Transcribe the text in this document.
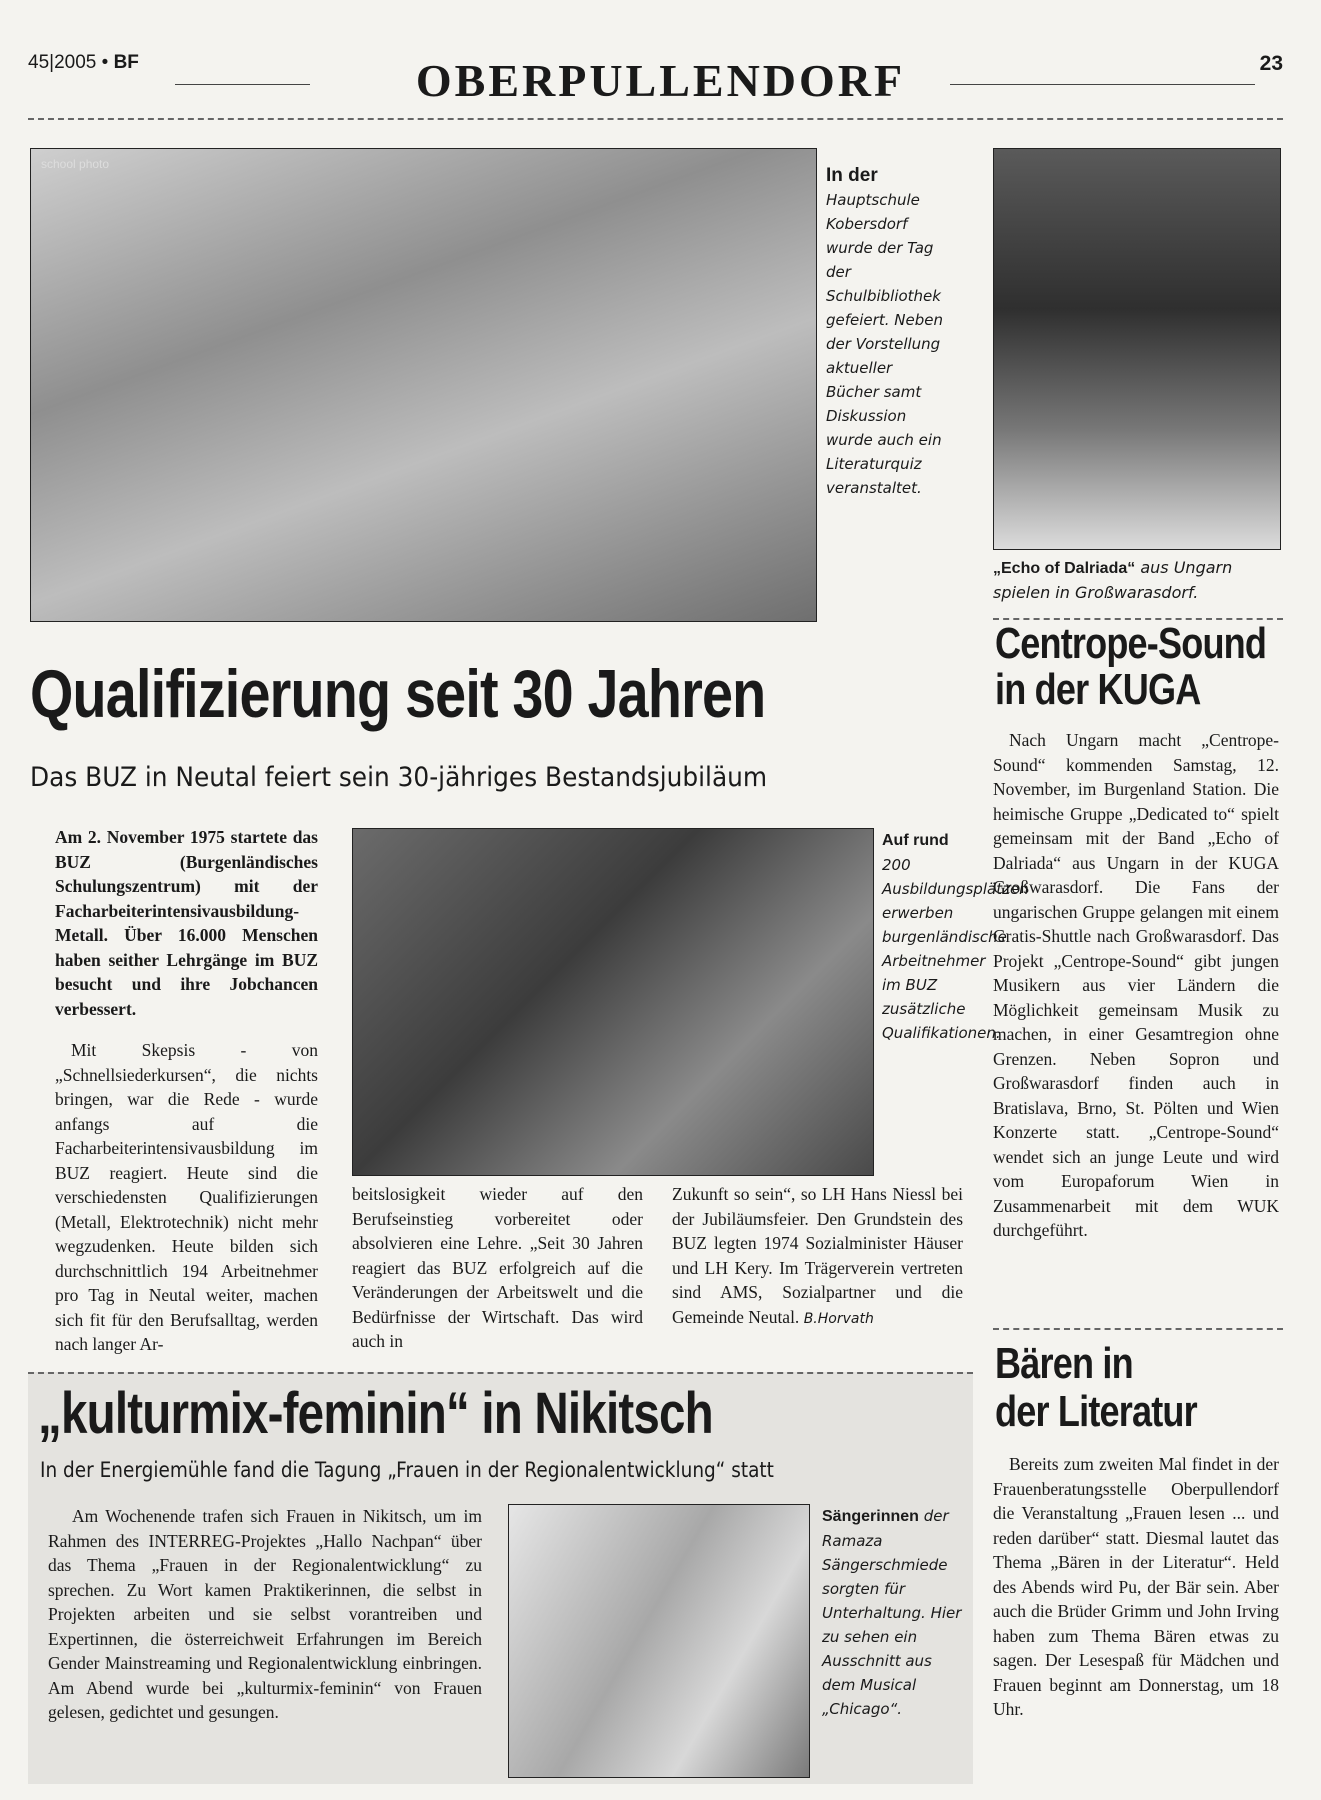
45|2005 • BF	OBERPULLENDORF	23
school photo
In der Hauptschule Kobersdorf wurde der Tag der Schulbibliothek gefeiert. Neben der Vorstellung aktueller Bücher samt Diskussion wurde auch ein Literaturquiz veranstaltet.
„Echo of Dalriada“ aus Ungarn spielen in Großwarasdorf.
Qualifizierung seit 30 Jahren
Das BUZ in Neutal feiert sein 30-jähriges Bestandsjubiläum
Am 2. November 1975 startete das BUZ (Burgenländisches Schulungszentrum) mit der Facharbeiterintensivausbildung-Metall. Über 16.000 Menschen haben seither Lehrgänge im BUZ besucht und ihre Jobchancen verbessert.
Mit Skepsis - von „Schnellsiederkursen“, die nichts bringen, war die Rede - wurde anfangs auf die Facharbeiterintensivausbildung im BUZ reagiert. Heute sind die verschiedensten Qualifizierungen (Metall, Elektrotechnik) nicht mehr wegzudenken. Heute bilden sich durchschnittlich 194 Arbeitnehmer pro Tag in Neutal weiter, machen sich fit für den Berufsalltag, werden nach langer Ar-
Auf rund 200 Ausbildungsplätzen erwerben burgenländische Arbeitnehmer im BUZ zusätzliche Qualifikationen.
beitslosigkeit wieder auf den Berufseinstieg vorbereitet oder absolvieren eine Lehre. „Seit 30 Jahren reagiert das BUZ erfolgreich auf die Veränderungen der Arbeitswelt und die Bedürfnisse der Wirtschaft. Das wird auch in
Zukunft so sein“, so LH Hans Niessl bei der Jubiläumsfeier. Den Grundstein des BUZ legten 1974 Sozialminister Häuser und LH Kery. Im Trägerverein vertreten sind AMS, Sozialpartner und die Gemeinde Neutal. B.Horvath
Centrope-Sound
in der KUGA
Nach Ungarn macht „Centrope-Sound“ kommenden Samstag, 12. November, im Burgenland Station. Die heimische Gruppe „Dedicated to“ spielt gemeinsam mit der Band „Echo of Dalriada“ aus Ungarn in der KUGA Großwarasdorf. Die Fans der ungarischen Gruppe gelangen mit einem Gratis-Shuttle nach Großwarasdorf. Das Projekt „Centrope-Sound“ gibt jungen Musikern aus vier Ländern die Möglichkeit gemeinsam Musik zu machen, in einer Gesamtregion ohne Grenzen. Neben Sopron und Großwarasdorf finden auch in Bratislava, Brno, St. Pölten und Wien Konzerte statt. „Centrope-Sound“ wendet sich an junge Leute und wird vom Europaforum Wien in Zusammenarbeit mit dem WUK durchgeführt.
„kulturmix-feminin“ in Nikitsch
In der Energiemühle fand die Tagung „Frauen in der Regionalentwicklung“ statt
Am Wochenende trafen sich Frauen in Nikitsch, um im Rahmen des INTERREG-Projektes „Hallo Nachpan“ über das Thema „Frauen in der Regionalentwicklung“ zu sprechen. Zu Wort kamen Praktikerinnen, die selbst in Projekten arbeiten und sie selbst vorantreiben und Expertinnen, die österreichweit Erfahrungen im Bereich Gender Mainstreaming und Regionalentwicklung einbringen. Am Abend wurde bei „kulturmix-feminin“ von Frauen gelesen, gedichtet und gesungen.
Sängerinnen der Ramaza Sängerschmiede sorgten für Unterhaltung. Hier zu sehen ein Ausschnitt aus dem Musical „Chicago“.
Bären in
der Literatur
Bereits zum zweiten Mal findet in der Frauenberatungsstelle Oberpullendorf die Veranstaltung „Frauen lesen ... und reden darüber“ statt. Diesmal lautet das Thema „Bären in der Literatur“. Held des Abends wird Pu, der Bär sein. Aber auch die Brüder Grimm und John Irving haben zum Thema Bären etwas zu sagen. Der Lesespaß für Mädchen und Frauen beginnt am Donnerstag, um 18 Uhr.
